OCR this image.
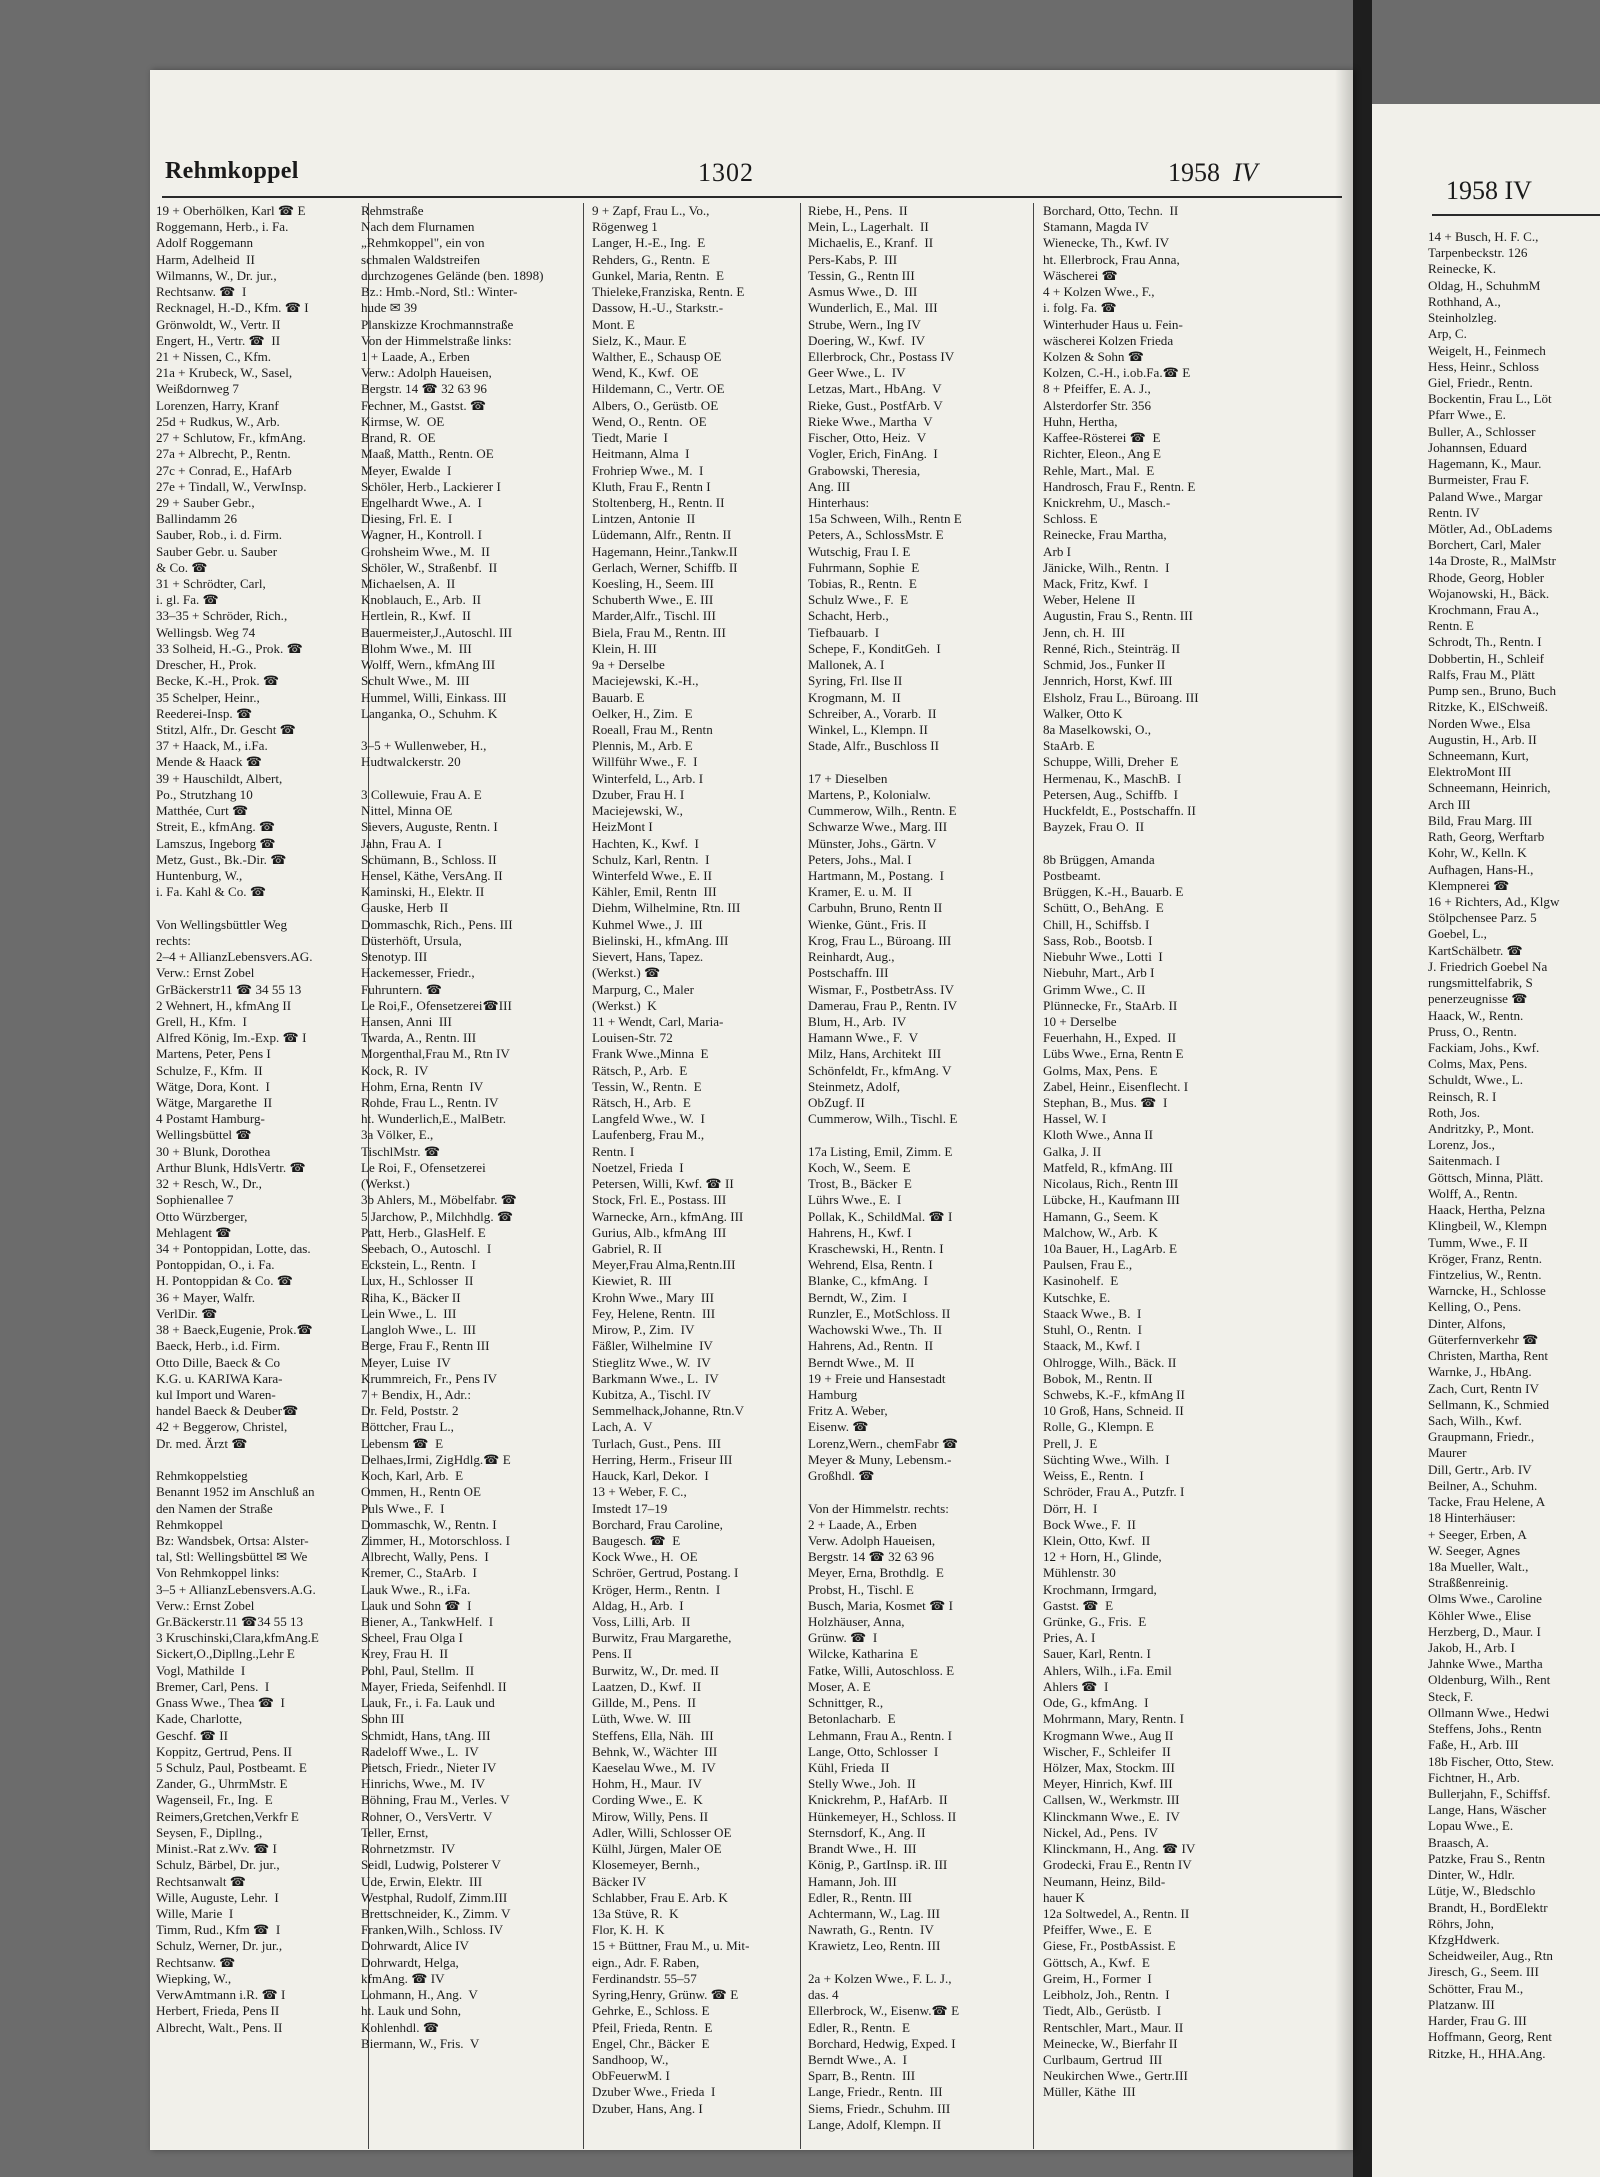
Rehmkoppel	1302	1958 IV
19 + Oberhölken, Karl ☎ E
Roggemann, Herb., i. Fa.
Adolf Roggemann
Harm, Adelheid  II
Wilmanns, W., Dr. jur.,
Rechtsanw. ☎  I
Recknagel, H.-D., Kfm. ☎ I
Grönwoldt, W., Vertr. II
Engert, H., Vertr. ☎  II
21 + Nissen, C., Kfm.
21a + Krubeck, W., Sasel,
Weißdornweg 7
Lorenzen, Harry, Kranf
25d + Rudkus, W., Arb.
27 + Schlutow, Fr., kfmAng.
27a + Albrecht, P., Rentn.
27c + Conrad, E., HafArb
27e + Tindall, W., VerwInsp.
29 + Sauber Gebr.,
Ballindamm 26
Sauber, Rob., i. d. Firm.
Sauber Gebr. u. Sauber
& Co. ☎
31 + Schrödter, Carl,
i. gl. Fa. ☎
33–35 + Schröder, Rich.,
Wellingsb. Weg 74
33 Solheid, H.-G., Prok. ☎
Drescher, H., Prok.
Becke, K.-H., Prok. ☎
35 Schelper, Heinr.,
Reederei-Insp. ☎
Stitzl, Alfr., Dr. Gescht ☎
37 + Haack, M., i.Fa.
Mende & Haack ☎
39 + Hauschildt, Albert,
Po., Strutzhang 10
Matthée, Curt ☎
Streit, E., kfmAng. ☎
Lamszus, Ingeborg ☎
Metz, Gust., Bk.-Dir. ☎
Huntenburg, W.,
i. Fa. Kahl & Co. ☎
Von Wellingsbüttler Weg
rechts:
2–4 + AllianzLebensvers.AG.
Verw.: Ernst Zobel
GrBäckerstr11 ☎ 34 55 13
2 Wehnert, H., kfmAng II
Grell, H., Kfm.  I
Alfred König, Im.-Exp. ☎ I
Martens, Peter, Pens I
Schulze, F., Kfm.  II
Wätge, Dora, Kont.  I
Wätge, Margarethe  II
4 Postamt Hamburg-
Wellingsbüttel ☎
30 + Blunk, Dorothea
Arthur Blunk, HdlsVertr. ☎
32 + Resch, W., Dr.,
Sophienallee 7
Otto Würzberger,
Mehlagent ☎
34 + Pontoppidan, Lotte, das.
Pontoppidan, O., i. Fa.
H. Pontoppidan & Co. ☎
36 + Mayer, Walfr.
VerlDir. ☎
38 + Baeck,Eugenie, Prok.☎
Baeck, Herb., i.d. Firm.
Otto Dille, Baeck & Co
K.G. u. KARIWA Kara-
kul Import und Waren-
handel Baeck & Deuber☎
42 + Beggerow, Christel,
Dr. med. Ärzt ☎
Rehmkoppelstieg
Benannt 1952 im Anschluß an
den Namen der Straße
Rehmkoppel
Bz: Wandsbek, Ortsa: Alster-
tal, Stl: Wellingsbüttel ✉ We
Von Rehmkoppel links:
3–5 + AllianzLebensvers.A.G.
Verw.: Ernst Zobel
Gr.Bäckerstr.11 ☎34 55 13
3 Kruschinski,Clara,kfmAng.E
Sickert,O.,Dipllng.,Lehr E
Vogl, Mathilde  I
Bremer, Carl, Pens.  I
Gnass Wwe., Thea ☎  I
Kade, Charlotte,
Geschf. ☎ II
Koppitz, Gertrud, Pens. II
5 Schulz, Paul, Postbeamt. E
Zander, G., UhrmMstr. E
Wagenseil, Fr., Ing.  E
Reimers,Gretchen,Verkfr E
Seysen, F., Dipllng.,
Minist.-Rat z.Wv. ☎ I
Schulz, Bärbel, Dr. jur.,
Rechtsanwalt ☎
Wille, Auguste, Lehr.  I
Wille, Marie  I
Timm, Rud., Kfm ☎  I
Schulz, Werner, Dr. jur.,
Rechtsanw. ☎
Wiepking, W.,
VerwAmtmann i.R. ☎ I
Herbert, Frieda, Pens II
Albrecht, Walt., Pens. II
Rehmstraße
Nach dem Flurnamen
„Rehmkoppel", ein von
schmalen Waldstreifen
durchzogenes Gelände (ben. 1898)
Bz.: Hmb.-Nord, Stl.: Winter-
hude ✉ 39
Planskizze Krochmannstraße
Von der Himmelstraße links:
1 + Laade, A., Erben
Verw.: Adolph Haueisen,
Bergstr. 14 ☎ 32 63 96
Fechner, M., Gastst. ☎
Kirmse, W.  OE
Brand, R.  OE
Maaß, Matth., Rentn. OE
Meyer, Ewalde  I
Schöler, Herb., Lackierer I
Engelhardt Wwe., A.  I
Diesing, Frl. E.  I
Wagner, H., Kontroll. I
Grohsheim Wwe., M.  II
Schöler, W., Straßenbf.  II
Michaelsen, A.  II
Knoblauch, E., Arb.  II
Hertlein, R., Kwf.  II
Bauermeister,J.,Autoschl. III
Blohm Wwe., M.  III
Wolff, Wern., kfmAng III
Schult Wwe., M.  III
Hummel, Willi, Einkass. III
Langanka, O., Schuhm. K
3–5 + Wullenweber, H.,
Hudtwalckerstr. 20
3 Collewuie, Frau A. E
Nittel, Minna OE
Sievers, Auguste, Rentn. I
Jahn, Frau A.  I
Schümann, B., Schloss. II
Hensel, Käthe, VersAng. II
Kaminski, H., Elektr. II
Gauske, Herb  II
Dommaschk, Rich., Pens. III
Düsterhöft, Ursula,
Stenotyp. III
Hackemesser, Friedr.,
Fuhruntern. ☎
Le Roi,F., Ofensetzerei☎III
Hansen, Anni  III
Twarda, A., Rentn. III
Morgenthal,Frau M., Rtn IV
Kock, R.  IV
Hohm, Erna, Rentn  IV
Rohde, Frau L., Rentn. IV
ht. Wunderlich,E., MalBetr.
3a Völker, E.,
TischlMstr. ☎
Le Roi, F., Ofensetzerei
(Werkst.)
3b Ahlers, M., Möbelfabr. ☎
5 Jarchow, P., Milchhdlg. ☎
Patt, Herb., GlasHelf. E
Seebach, O., Autoschl.  I
Eckstein, L., Rentn.  I
Lux, H., Schlosser  II
Riha, K., Bäcker II
Lein Wwe., L.  III
Langloh Wwe., L.  III
Berge, Frau F., Rentn III
Meyer, Luise  IV
Krummreich, Fr., Pens IV
7 + Bendix, H., Adr.:
Dr. Feld, Poststr. 2
Böttcher, Frau L.,
Lebensm ☎  E
Delhaes,Irmi, ZigHdlg.☎ E
Koch, Karl, Arb.  E
Ommen, H., Rentn OE
Puls Wwe., F.  I
Dommaschk, W., Rentn. I
Zimmer, H., Motorschloss. I
Albrecht, Wally, Pens.  I
Kremer, C., StaArb.  I
Lauk Wwe., R., i.Fa.
Lauk und Sohn ☎  I
Biener, A., TankwHelf.  I
Scheel, Frau Olga I
Krey, Frau H.  II
Pohl, Paul, Stellm.  II
Mayer, Frieda, Seifenhdl. II
Lauk, Fr., i. Fa. Lauk und
Sohn III
Schmidt, Hans, tAng. III
Radeloff Wwe., L.  IV
Pietsch, Friedr., Nieter IV
Hinrichs, Wwe., M.  IV
Böhning, Frau M., Verles. V
Rohner, O., VersVertr.  V
Teller, Ernst,
Rohrnetzmstr.  IV
Seidl, Ludwig, Polsterer V
Ude, Erwin, Elektr.  III
Westphal, Rudolf, Zimm.III
Brettschneider, K., Zimm. V
Franken,Wilh., Schloss. IV
Dohrwardt, Alice IV
Dohrwardt, Helga,
kfmAng. ☎ IV
Lohmann, H., Ang.  V
ht. Lauk und Sohn,
Kohlenhdl. ☎
Biermann, W., Fris.  V
9 + Zapf, Frau L., Vo.,
Rögenweg 1
Langer, H.-E., Ing.  E
Rehders, G., Rentn.  E
Gunkel, Maria, Rentn.  E
Thieleke,Franziska, Rentn. E
Dassow, H.-U., Starkstr.-
Mont. E
Sielz, K., Maur. E
Walther, E., Schausp OE
Wend, K., Kwf.  OE
Hildemann, C., Vertr. OE
Albers, O., Gerüstb. OE
Wend, O., Rentn.  OE
Tiedt, Marie  I
Heitmann, Alma  I
Frohriep Wwe., M.  I
Kluth, Frau F., Rentn I
Stoltenberg, H., Rentn. II
Lintzen, Antonie  II
Lüdemann, Alfr., Rentn. II
Hagemann, Heinr.,Tankw.II
Gerlach, Werner, Schiffb. II
Koesling, H., Seem. III
Schuberth Wwe., E. III
Marder,Alfr., Tischl. III
Biela, Frau M., Rentn. III
Klein, H. III
9a + Derselbe
Maciejewski, K.-H.,
Bauarb. E
Oelker, H., Zim.  E
Roeall, Frau M., Rentn
Plennis, M., Arb. E
Willführ Wwe., F.  I
Winterfeld, L., Arb. I
Dzuber, Frau H. I
Maciejewski, W.,
HeizMont I
Hachten, K., Kwf.  I
Schulz, Karl, Rentn.  I
Winterfeld Wwe., E. II
Kähler, Emil, Rentn  III
Diehm, Wilhelmine, Rtn. III
Kuhmel Wwe., J.  III
Bielinski, H., kfmAng. III
Sievert, Hans, Tapez.
(Werkst.) ☎
Marpurg, C., Maler
(Werkst.)  K
11 + Wendt, Carl, Maria-
Louisen-Str. 72
Frank Wwe.,Minna  E
Rätsch, P., Arb.  E
Tessin, W., Rentn.  E
Rätsch, H., Arb.  E
Langfeld Wwe., W.  I
Laufenberg, Frau M.,
Rentn. I
Noetzel, Frieda  I
Petersen, Willi, Kwf. ☎ II
Stock, Frl. E., Postass. III
Warnecke, Arn., kfmAng. III
Gurius, Alb., kfmAng  III
Gabriel, R. II
Meyer,Frau Alma,Rentn.III
Kiewiet, R.  III
Krohn Wwe., Mary  III
Fey, Helene, Rentn.  III
Mirow, P., Zim.  IV
Fäßler, Wilhelmine  IV
Stieglitz Wwe., W.  IV
Barkmann Wwe., L.  IV
Kubitza, A., Tischl. IV
Semmelhack,Johanne, Rtn.V
Lach, A.  V
Turlach, Gust., Pens.  III
Herring, Herm., Friseur III
Hauck, Karl, Dekor.  I
13 + Weber, F. C.,
Imstedt 17–19
Borchard, Frau Caroline,
Baugesch. ☎  E
Kock Wwe., H.  OE
Schröer, Gertrud, Postang. I
Kröger, Herm., Rentn.  I
Aldag, H., Arb.  I
Voss, Lilli, Arb.  II
Burwitz, Frau Margarethe,
Pens. II
Burwitz, W., Dr. med. II
Laatzen, D., Kwf.  II
Gillde, M., Pens.  II
Lüth, Wwe. W.  III
Steffens, Ella, Näh.  III
Behnk, W., Wächter  III
Kaeselau Wwe., M.  IV
Hohm, H., Maur.  IV
Cording Wwe., E.  K
Mirow, Willy, Pens. II
Adler, Willi, Schlosser OE
Külhl, Jürgen, Maler OE
Klosemeyer, Bernh.,
Bäcker IV
Schlabber, Frau E. Arb. K
13a Stüve, R.  K
Flor, K. H.  K
15 + Büttner, Frau M., u. Mit-
eign., Adr. F. Raben,
Ferdinandstr. 55–57
Syring,Henry, Grünw. ☎ E
Gehrke, E., Schloss. E
Pfeil, Frieda, Rentn.  E
Engel, Chr., Bäcker  E
Sandhoop, W.,
ObFeuerwM. I
Dzuber Wwe., Frieda  I
Dzuber, Hans, Ang. I
Riebe, H., Pens.  II
Mein, L., Lagerhalt.  II
Michaelis, E., Kranf.  II
Pers-Kabs, P.  III
Tessin, G., Rentn III
Asmus Wwe., D.  III
Wunderlich, E., Mal.  III
Strube, Wern., Ing IV
Doering, W., Kwf.  IV
Ellerbrock, Chr., Postass IV
Geer Wwe., L.  IV
Letzas, Mart., HbAng.  V
Rieke, Gust., PostfArb. V
Rieke Wwe., Martha  V
Fischer, Otto, Heiz.  V
Vogler, Erich, FinAng.  I
Grabowski, Theresia,
Ang. III
Hinterhaus:
15a Schween, Wilh., Rentn E
Peters, A., SchlossMstr. E
Wutschig, Frau I. E
Fuhrmann, Sophie  E
Tobias, R., Rentn.  E
Schulz Wwe., F.  E
Schacht, Herb.,
Tiefbauarb.  I
Schepe, F., KonditGeh.  I
Mallonek, A. I
Syring, Frl. Ilse II
Krogmann, M.  II
Schreiber, A., Vorarb.  II
Winkel, L., Klempn. II
Stade, Alfr., Buschloss II
17 + Dieselben
Martens, P., Kolonialw.
Cummerow, Wilh., Rentn. E
Schwarze Wwe., Marg. III
Münster, Johs., Gärtn. V
Peters, Johs., Mal. I
Hartmann, M., Postang.  I
Kramer, E. u. M.  II
Carbuhn, Bruno, Rentn II
Wienke, Günt., Fris. II
Krog, Frau L., Büroang. III
Reinhardt, Aug.,
Postschaffn. III
Wismar, F., PostbetrAss. IV
Damerau, Frau P., Rentn. IV
Blum, H., Arb.  IV
Hamann Wwe., F.  V
Milz, Hans, Architekt  III
Schönfeldt, Fr., kfmAng. V
Steinmetz, Adolf,
ObZugf. II
Cummerow, Wilh., Tischl. E
17a Listing, Emil, Zimm. E
Koch, W., Seem.  E
Trost, B., Bäcker  E
Lührs Wwe., E.  I
Pollak, K., SchildMal. ☎ I
Hahrens, H., Kwf. I
Kraschewski, H., Rentn. I
Wehrend, Elsa, Rentn. I
Blanke, C., kfmAng.  I
Berndt, W., Zim.  I
Runzler, E., MotSchloss. II
Wachowski Wwe., Th.  II
Hahrens, Ad., Rentn.  II
Berndt Wwe., M.  II
19 + Freie und Hansestadt
Hamburg
Fritz A. Weber,
Eisenw. ☎
Lorenz,Wern., chemFabr ☎
Meyer & Muny, Lebensm.-
Großhdl. ☎
Von der Himmelstr. rechts:
2 + Laade, A., Erben
Verw. Adolph Haueisen,
Bergstr. 14 ☎ 32 63 96
Meyer, Erna, Brothdlg.  E
Probst, H., Tischl. E
Busch, Maria, Kosmet ☎ I
Holzhäuser, Anna,
Grünw. ☎  I
Wilcke, Katharina  E
Fatke, Willi, Autoschloss. E
Moser, A. E
Schnittger, R.,
Betonlacharb.  E
Lehmann, Frau A., Rentn. I
Lange, Otto, Schlosser  I
Kühl, Frieda  II
Stelly Wwe., Joh.  II
Knickrehm, P., HafArb.  II
Hünkemeyer, H., Schloss. II
Sternsdorf, K., Ang. II
Brandt Wwe., H.  III
König, P., GartInsp. iR. III
Hamann, Joh. III
Edler, R., Rentn. III
Achtermann, W., Lag. III
Nawrath, G., Rentn.  IV
Krawietz, Leo, Rentn. III
2a + Kolzen Wwe., F. L. J.,
das. 4
Ellerbrock, W., Eisenw.☎ E
Edler, R., Rentn.  E
Borchard, Hedwig, Exped. I
Berndt Wwe., A.  I
Sparr, B., Rentn.  III
Lange, Friedr., Rentn.  III
Siems, Friedr., Schuhm. III
Lange, Adolf, Klempn. II
Borchard, Otto, Techn.  II
Stamann, Magda IV
Wienecke, Th., Kwf. IV
ht. Ellerbrock, Frau Anna,
Wäscherei ☎
4 + Kolzen Wwe., F.,
i. folg. Fa. ☎
Winterhuder Haus u. Fein-
wäscherei Kolzen Frieda
Kolzen & Sohn ☎
Kolzen, C.-H., i.ob.Fa.☎ E
8 + Pfeiffer, E. A. J.,
Alsterdorfer Str. 356
Huhn, Hertha,
Kaffee-Rösterei ☎  E
Richter, Eleon., Ang E
Rehle, Mart., Mal.  E
Handrosch, Frau F., Rentn. E
Knickrehm, U., Masch.-
Schloss. E
Reinecke, Frau Martha,
Arb I
Jänicke, Wilh., Rentn.  I
Mack, Fritz, Kwf.  I
Weber, Helene  II
Augustin, Frau S., Rentn. III
Jenn, ch. H.  III
Renné, Rich., Steinträg. II
Schmid, Jos., Funker II
Jennrich, Horst, Kwf. III
Elsholz, Frau L., Büroang. III
Walker, Otto K
8a Maselkowski, O.,
StaArb. E
Schuppe, Willi, Dreher  E
Hermenau, K., MaschB.  I
Petersen, Aug., Schiffb.  I
Huckfeldt, E., Postschaffn. II
Bayzek, Frau O.  II
8b Brüggen, Amanda
Postbeamt.
Brüggen, K.-H., Bauarb. E
Schütt, O., BehAng.  E
Chill, H., Schiffsb. I
Sass, Rob., Bootsb. I
Niebuhr Wwe., Lotti  I
Niebuhr, Mart., Arb I
Grimm Wwe., C. II
Plünnecke, Fr., StaArb. II
10 + Derselbe
Feuerhahn, H., Exped.  II
Lübs Wwe., Erna, Rentn E
Golms, Max, Pens.  E
Zabel, Heinr., Eisenflecht. I
Stephan, B., Mus. ☎  I
Hassel, W. I
Kloth Wwe., Anna II
Galka, J. II
Matfeld, R., kfmAng. III
Nicolaus, Rich., Rentn III
Lübcke, H., Kaufmann III
Hamann, G., Seem. K
Malchow, W., Arb.  K
10a Bauer, H., LagArb. E
Paulsen, Frau E.,
Kasinohelf.  E
Kutschke, E.
Staack Wwe., B.  I
Stuhl, O., Rentn.  I
Staack, M., Kwf. I
Ohlrogge, Wilh., Bäck. II
Bobok, M., Rentn. II
Schwebs, K.-F., kfmAng II
10 Groß, Hans, Schneid. II
Rolle, G., Klempn. E
Prell, J.  E
Süchting Wwe., Wilh.  I
Weiss, E., Rentn.  I
Schröder, Frau A., Putzfr. I
Dörr, H.  I
Bock Wwe., F.  II
Klein, Otto, Kwf.  II
12 + Horn, H., Glinde,
Mühlenstr. 30
Krochmann, Irmgard,
Gastst. ☎  E
Grünke, G., Fris.  E
Pries, A. I
Sauer, Karl, Rentn. I
Ahlers, Wilh., i.Fa. Emil
Ahlers ☎  I
Ode, G., kfmAng.  I
Mohrmann, Mary, Rentn. I
Krogmann Wwe., Aug II
Wischer, F., Schleifer  II
Hölzer, Max, Stockm. III
Meyer, Hinrich, Kwf. III
Callsen, W., Werkmstr. III
Klinckmann Wwe., E.  IV
Nickel, Ad., Pens.  IV
Klinckmann, H., Ang. ☎ IV
Grodecki, Frau E., Rentn IV
Neumann, Heinz, Bild-
hauer K
12a Soltwedel, A., Rentn. II
Pfeiffer, Wwe., E.  E
Giese, Fr., PostbAssist. E
Göttsch, A., Kwf.  E
Greim, H., Former  I
Leibholz, Joh., Rentn.  I
Tiedt, Alb., Gerüstb.  I
Rentschler, Mart., Maur. II
Meinecke, W., Bierfahr II
Curlbaum, Gertrud  III
Neukirchen Wwe., Gertr.III
Müller, Käthe  III
1958 IV
14 + Busch, H. F. C.,
Tarpenbeckstr. 126
Reinecke, K.
Oldag, H., SchuhmM
Rothhand, A.,
Steinholzleg.
Arp, C.
Weigelt, H., Feinmech
Hess, Heinr., Schloss
Giel, Friedr., Rentn.
Bockentin, Frau L., Löt
Pfarr Wwe., E.
Buller, A., Schlosser
Johannsen, Eduard
Hagemann, K., Maur.
Burmeister, Frau F.
Paland Wwe., Margar
Rentn. IV
Mötler, Ad., ObLadems
Borchert, Carl, Maler
14a Droste, R., MalMstr
Rhode, Georg, Hobler
Wojanowski, H., Bäck.
Krochmann, Frau A.,
Rentn. E
Schrodt, Th., Rentn. I
Dobbertin, H., Schleif
Ralfs, Frau M., Plätt
Pump sen., Bruno, Buch
Ritzke, K., ElSchweiß.
Norden Wwe., Elsa
Augustin, H., Arb. II
Schneemann, Kurt,
ElektroMont III
Schneemann, Heinrich,
Arch III
Bild, Frau Marg. III
Rath, Georg, Werftarb
Kohr, W., Kelln. K
Aufhagen, Hans-H.,
Klempnerei ☎
16 + Richters, Ad., Klgw
Stölpchensee Parz. 5
Goebel, L.,
KartSchälbetr. ☎
J. Friedrich Goebel Na
rungsmittelfabrik, S
penerzeugnisse ☎
Haack, W., Rentn.
Pruss, O., Rentn.
Fackiam, Johs., Kwf.
Colms, Max, Pens.
Schuldt, Wwe., L.
Reinsch, R. I
Roth, Jos.
Andritzky, P., Mont.
Lorenz, Jos.,
Saitenmach. I
Göttsch, Minna, Plätt.
Wolff, A., Rentn.
Haack, Hertha, Pelzna
Klingbeil, W., Klempn
Tumm, Wwe., F. II
Kröger, Franz, Rentn.
Fintzelius, W., Rentn.
Warncke, H., Schlosse
Kelling, O., Pens.
Dinter, Alfons,
Güterfernverkehr ☎
Christen, Martha, Rent
Warnke, J., HbAng.
Zach, Curt, Rentn IV
Sellmann, K., Schmied
Sach, Wilh., Kwf.
Graupmann, Friedr.,
Maurer
Dill, Gertr., Arb. IV
Beilner, A., Schuhm.
Tacke, Frau Helene, A
18 Hinterhäuser:
+ Seeger, Erben, A
W. Seeger, Agnes
18a Mueller, Walt.,
Straßßenreinig.
Olms Wwe., Caroline
Köhler Wwe., Elise
Herzberg, D., Maur. I
Jakob, H., Arb. I
Jahnke Wwe., Martha
Oldenburg, Wilh., Rent
Steck, F.
Ollmann Wwe., Hedwi
Steffens, Johs., Rentn
Faße, H., Arb. III
18b Fischer, Otto, Stew.
Fichtner, H., Arb.
Bullerjahn, F., Schiffsf.
Lange, Hans, Wäscher
Lopau Wwe., E.
Braasch, A.
Patzke, Frau S., Rentn
Dinter, W., Hdlr.
Lütje, W., Bledschlo
Brandt, H., BordElektr
Röhrs, John,
KfzgHdwerk.
Scheidweiler, Aug., Rtn
Jiresch, G., Seem. III
Schötter, Frau M.,
Platzanw. III
Harder, Frau G. III
Hoffmann, Georg, Rent
Ritzke, H., HHA.Ang.
